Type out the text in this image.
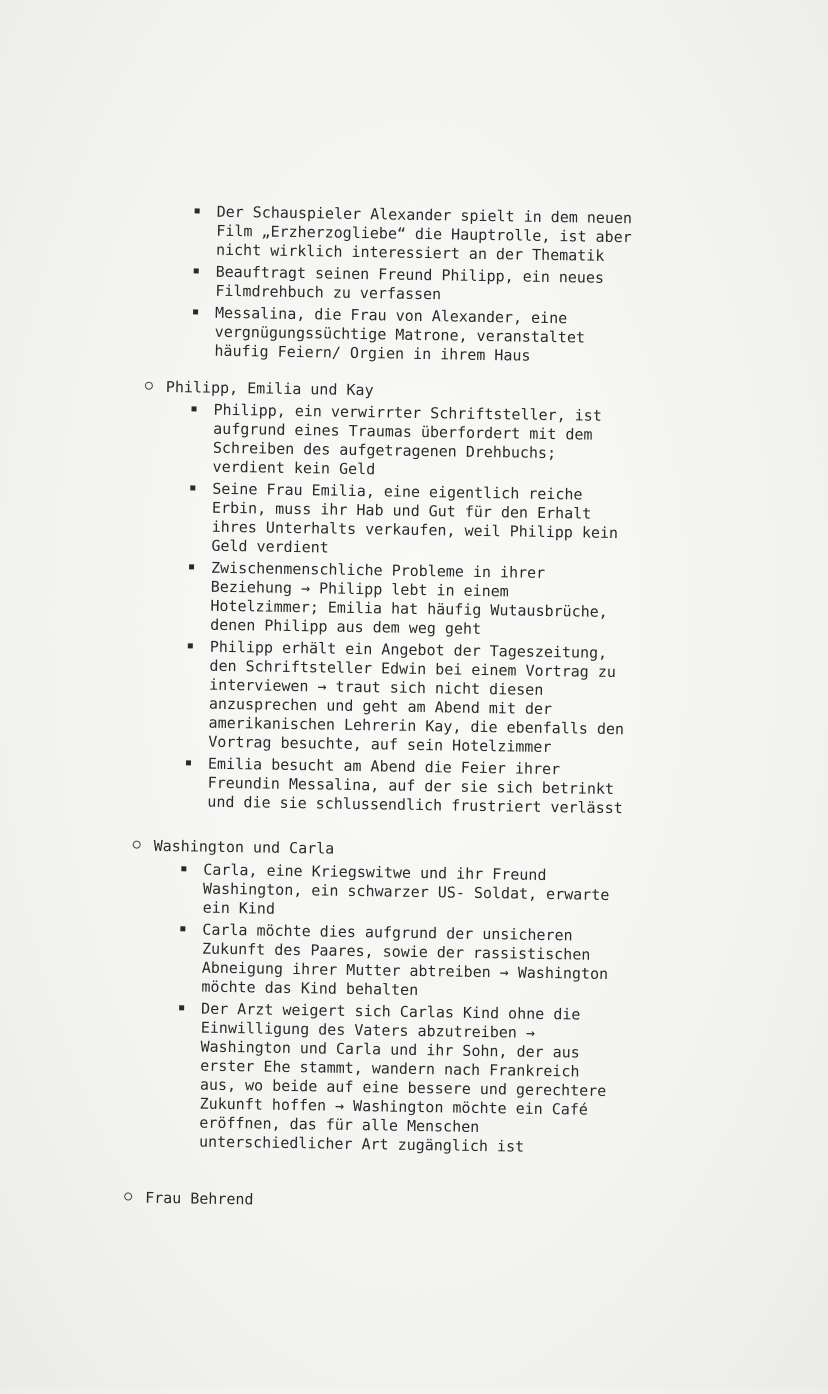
Der Schauspieler Alexander spielt in dem neuen
Film „Erzherzogliebe“ die Hauptrolle, ist aber
nicht wirklich interessiert an der Thematik
Beauftragt seinen Freund Philipp, ein neues
Filmdrehbuch zu verfassen
Messalina, die Frau von Alexander, eine
vergnügungssüchtige Matrone, veranstaltet
häufig Feiern/ Orgien in ihrem Haus
Philipp, Emilia und Kay
Philipp, ein verwirrter Schriftsteller, ist
aufgrund eines Traumas überfordert mit dem
Schreiben des aufgetragenen Drehbuchs;
verdient kein Geld
Seine Frau Emilia, eine eigentlich reiche
Erbin, muss ihr Hab und Gut für den Erhalt
ihres Unterhalts verkaufen, weil Philipp kein
Geld verdient
Zwischenmenschliche Probleme in ihrer
Beziehung → Philipp lebt in einem
Hotelzimmer; Emilia hat häufig Wutausbrüche,
denen Philipp aus dem weg geht
Philipp erhält ein Angebot der Tageszeitung,
den Schriftsteller Edwin bei einem Vortrag zu
interviewen → traut sich nicht diesen
anzusprechen und geht am Abend mit der
amerikanischen Lehrerin Kay, die ebenfalls den
Vortrag besuchte, auf sein Hotelzimmer
Emilia besucht am Abend die Feier ihrer
Freundin Messalina, auf der sie sich betrinkt
und die sie schlussendlich frustriert verlässt
Washington und Carla
Carla, eine Kriegswitwe und ihr Freund
Washington, ein schwarzer US- Soldat, erwarte
ein Kind
Carla möchte dies aufgrund der unsicheren
Zukunft des Paares, sowie der rassistischen
Abneigung ihrer Mutter abtreiben → Washington
möchte das Kind behalten
Der Arzt weigert sich Carlas Kind ohne die
Einwilligung des Vaters abzutreiben →
Washington und Carla und ihr Sohn, der aus
erster Ehe stammt, wandern nach Frankreich
aus, wo beide auf eine bessere und gerechtere
Zukunft hoffen → Washington möchte ein Café
eröffnen, das für alle Menschen
unterschiedlicher Art zugänglich ist
Frau Behrend
